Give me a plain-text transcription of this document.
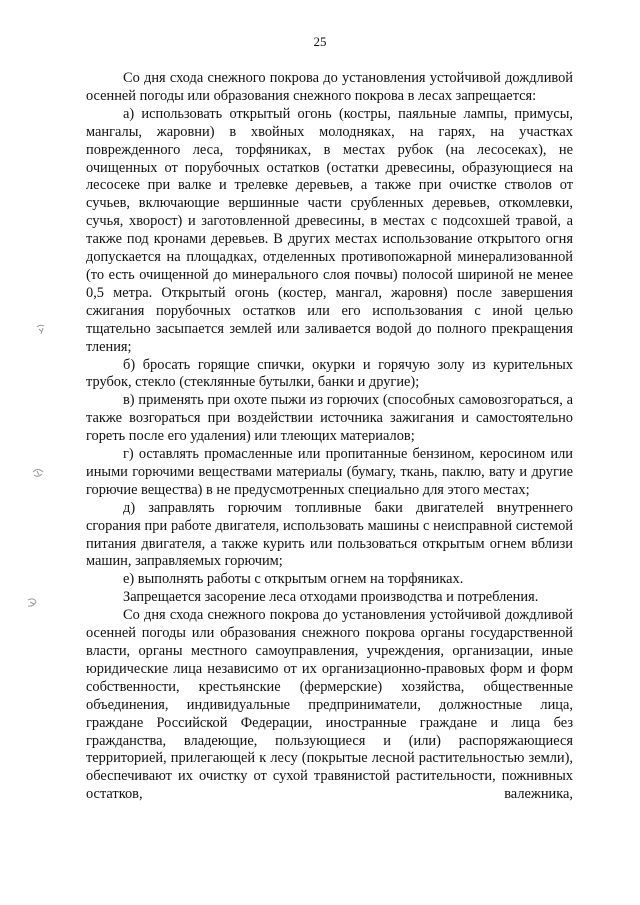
25

Со дня схода снежного покрова до установления устойчивой дождливой осенней погоды или образования снежного покрова в лесах запрещается:

а) использовать открытый огонь (костры, паяльные лампы, примусы, мангалы, жаровни) в хвойных молодняках, на гарях, на участках поврежденного леса, торфяниках, в местах рубок (на лесосеках), не очищенных от порубочных остатков (остатки древесины, образующиеся на лесосеке при валке и трелевке деревьев, а также при очистке стволов от сучьев, включающие вершинные части срубленных деревьев, откомлевки, сучья, хворост) и заготовленной древесины, в местах с подсохшей травой, а также под кронами деревьев. В других местах использование открытого огня допускается на площадках, отделенных противопожарной минерализованной (то есть очищенной до минерального слоя почвы) полосой шириной не менее 0,5 метра. Открытый огонь (костер, мангал, жаровня) после завершения сжигания порубочных остатков или его использования с иной целью тщательно засыпается землей или заливается водой до полного прекращения тления;

б) бросать горящие спички, окурки и горячую золу из курительных трубок, стекло (стеклянные бутылки, банки и другие);

в) применять при охоте пыжи из горючих (способных самовозгораться, а также возгораться при воздействии источника зажигания и самостоятельно гореть после его удаления) или тлеющих материалов;

г) оставлять промасленные или пропитанные бензином, керосином или иными горючими веществами материалы (бумагу, ткань, паклю, вату и другие горючие вещества) в не предусмотренных специально для этого местах;

д) заправлять горючим топливные баки двигателей внутреннего сгорания при работе двигателя, использовать машины с неисправной системой питания двигателя, а также курить или пользоваться открытым огнем вблизи машин, заправляемых горючим;

е) выполнять работы с открытым огнем на торфяниках.

Запрещается засорение леса отходами производства и потребления.

Со дня схода снежного покрова до установления устойчивой дождливой осенней погоды или образования снежного покрова органы государственной власти, органы местного самоуправления, учреждения, организации, иные юридические лица независимо от их организационно-правовых форм и форм собственности, крестьянские (фермерские) хозяйства, общественные объединения, индивидуальные предприниматели, должностные лица, граждане Российской Федерации, иностранные граждане и лица без гражданства, владеющие, пользующиеся и (или) распоряжающиеся территорией, прилегающей к лесу (покрытые лесной растительностью земли), обеспечивают их очистку от сухой травянистой растительности, пожнивных остатков, валежника,
